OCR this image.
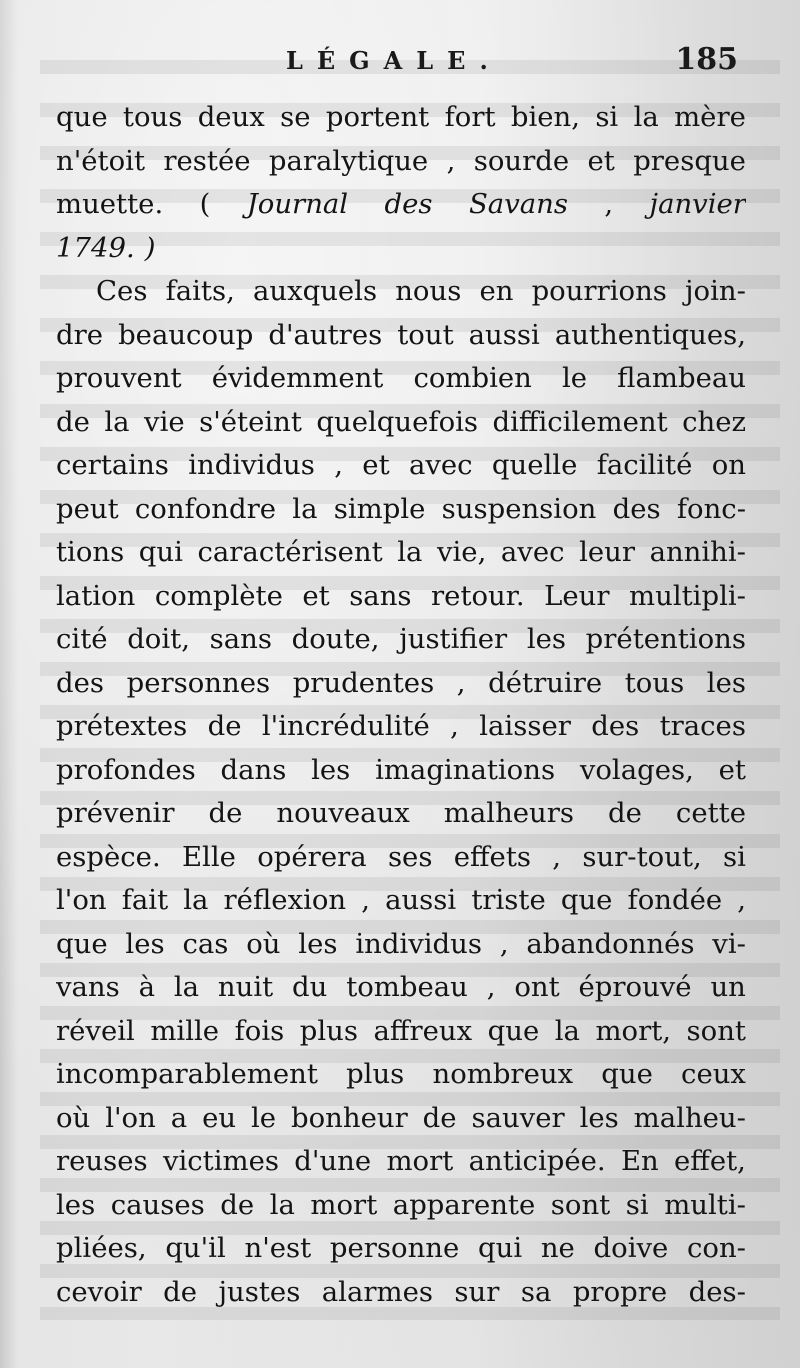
LÉGALE.	185
que tous deux se portent fort bien, si la mère
n'étoit restée paralytique , sourde et presque
muette. ( Journal des Savans , janvier
1749. )
Ces faits, auxquels nous en pourrions join-
dre beaucoup d'autres tout aussi authentiques,
prouvent évidemment combien le flambeau
de la vie s'éteint quelquefois difficilement chez
certains individus , et avec quelle facilité on
peut confondre la simple suspension des fonc-
tions qui caractérisent la vie, avec leur annihi-
lation complète et sans retour. Leur multipli-
cité doit, sans doute, justifier les prétentions
des personnes prudentes , détruire tous les
prétextes de l'incrédulité , laisser des traces
profondes dans les imaginations volages, et
prévenir de nouveaux malheurs de cette
espèce. Elle opérera ses effets , sur-tout, si
l'on fait la réflexion , aussi triste que fondée ,
que les cas où les individus , abandonnés vi-
vans à la nuit du tombeau , ont éprouvé un
réveil mille fois plus affreux que la mort, sont
incomparablement plus nombreux que ceux
où l'on a eu le bonheur de sauver les malheu-
reuses victimes d'une mort anticipée. En effet,
les causes de la mort apparente sont si multi-
pliées, qu'il n'est personne qui ne doive con-
cevoir de justes alarmes sur sa propre des-
